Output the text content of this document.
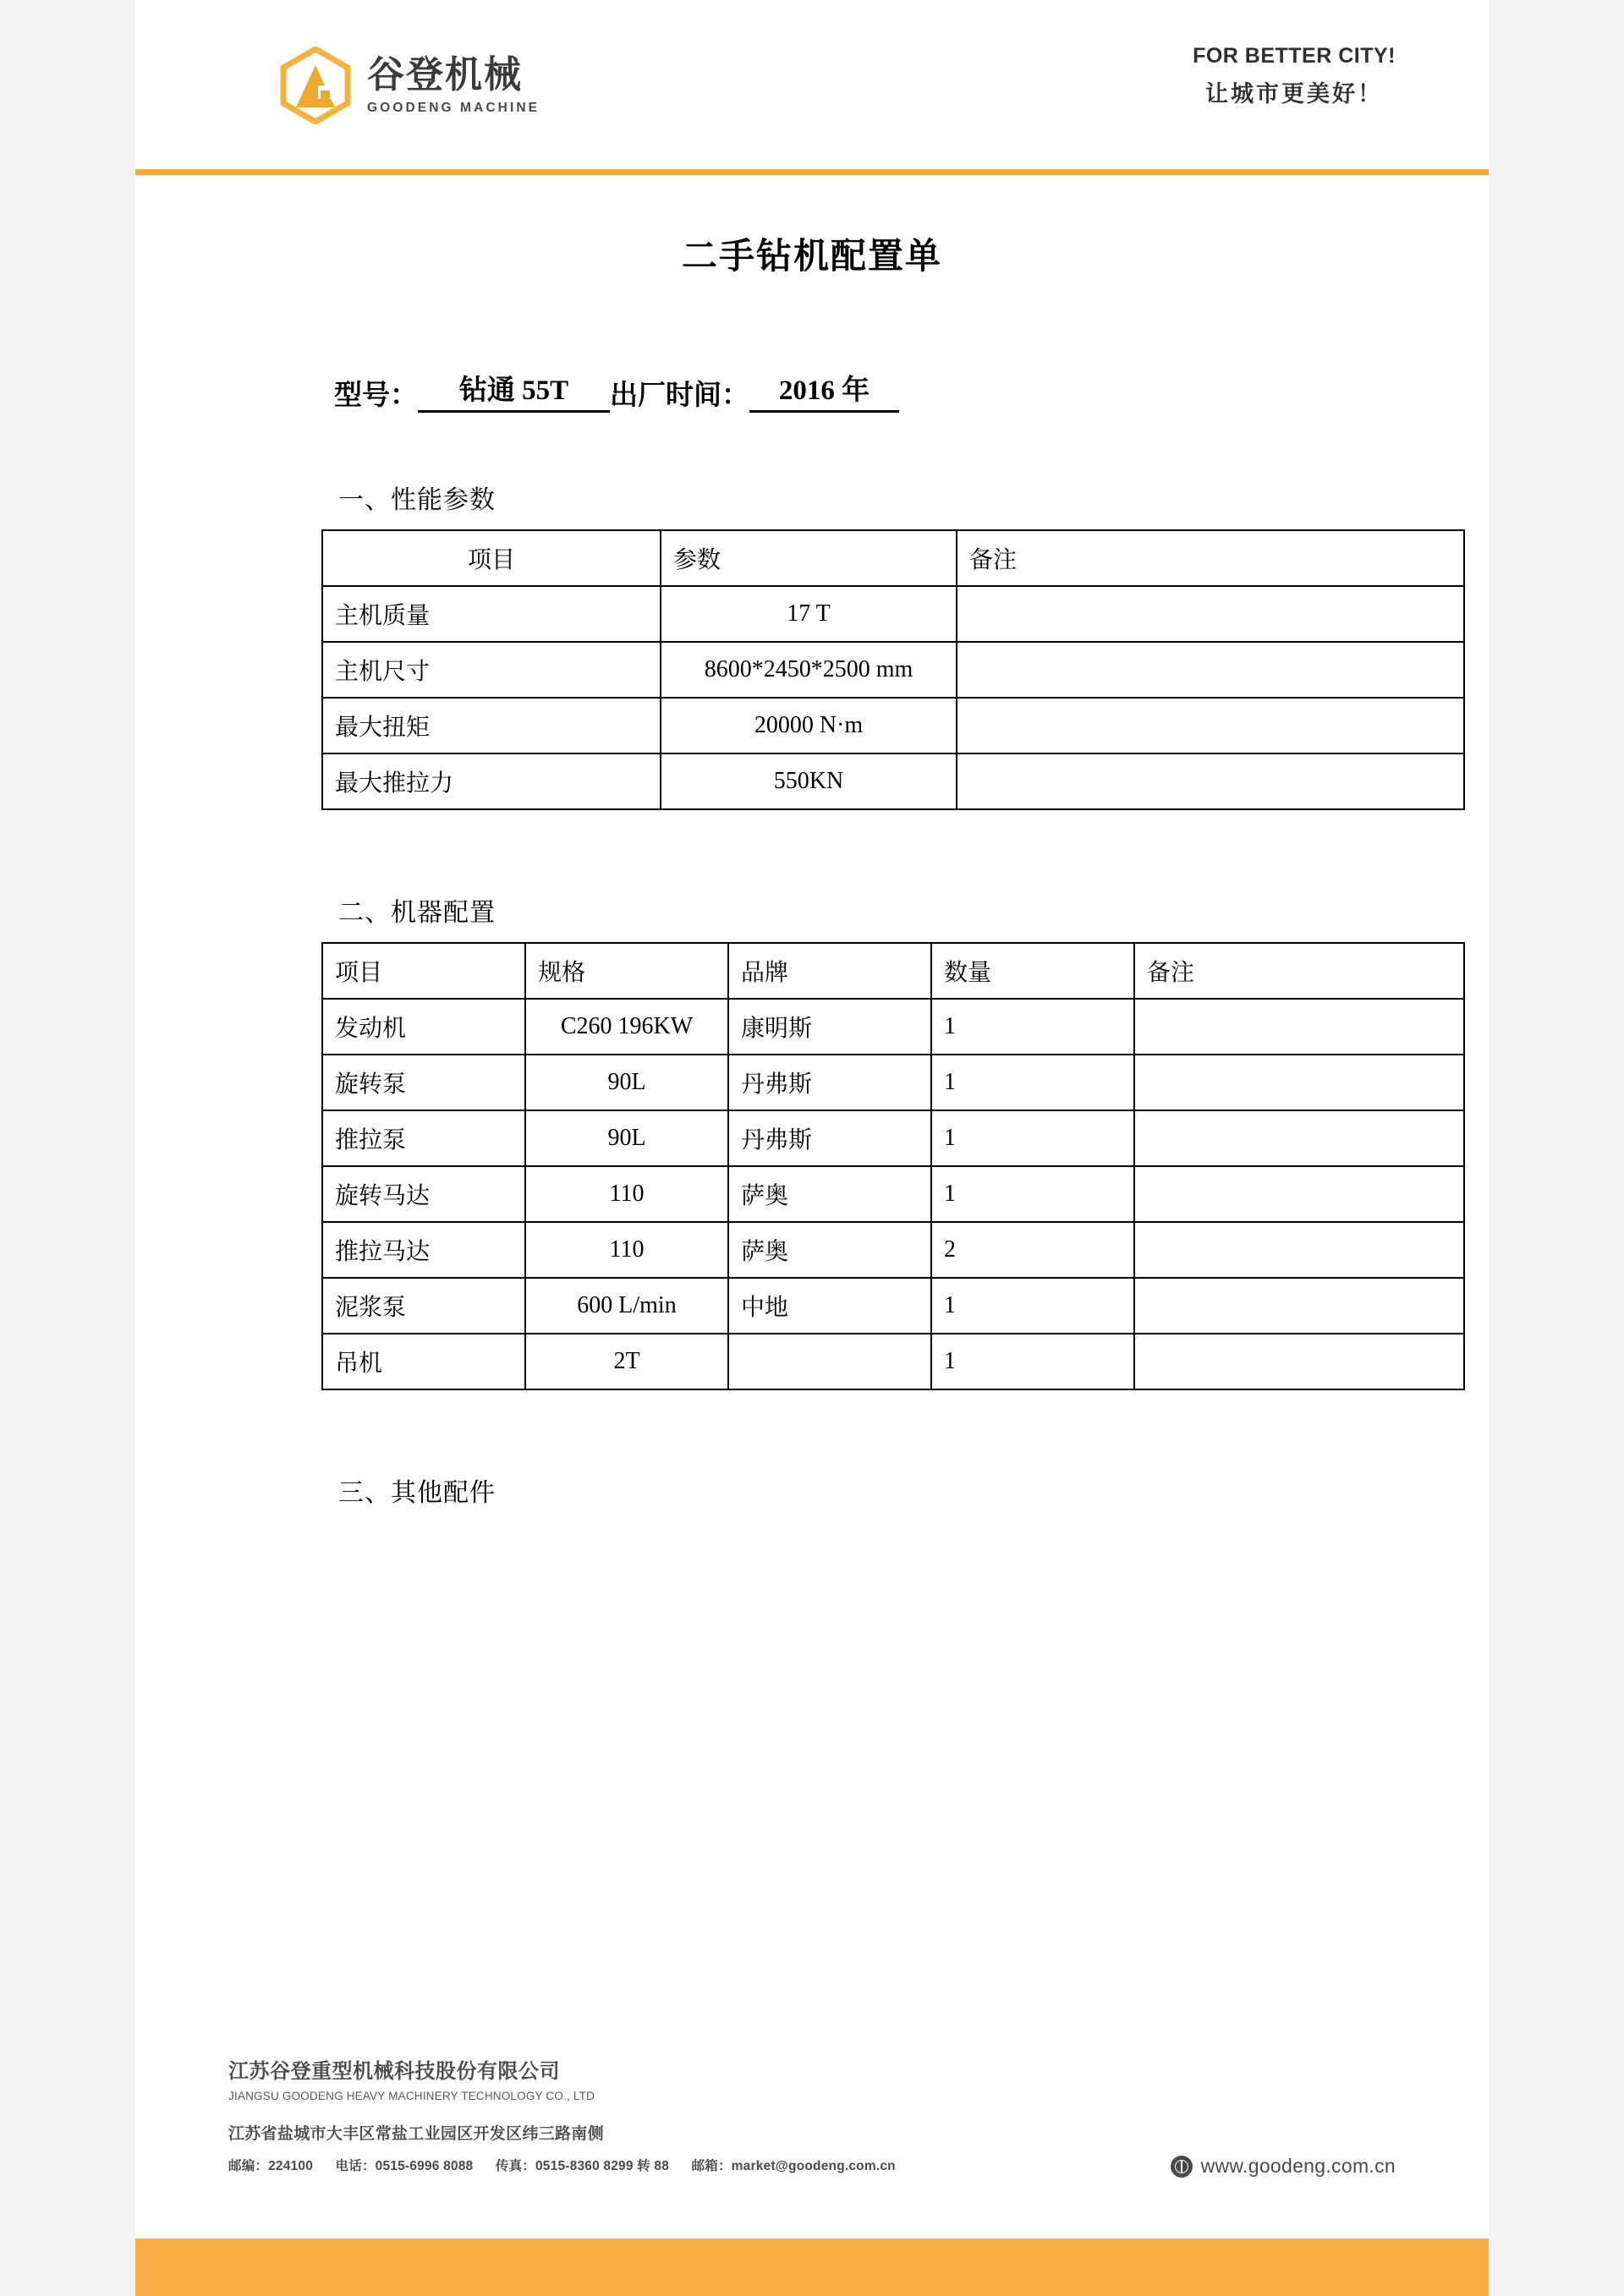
谷登机械
GOODENG MACHINE
FOR BETTER CITY!
让城市更美好！
二手钻机配置单
型号：	钻通 55T	出厂时间：	2016 年
一、性能参数
项目	参数	备注
主机质量	17 T	
主机尺寸	8600*2450*2500 mm	
最大扭矩	20000 N·m	
最大推拉力	550KN	
二、机器配置
项目	规格	品牌	数量	备注
发动机	C260 196KW	康明斯	1	
旋转泵	90L	丹弗斯	1	
推拉泵	90L	丹弗斯	1	
旋转马达	110	萨奥	1	
推拉马达	110	萨奥	2	
泥浆泵	600 L/min	中地	1	
吊机	2T		1	
三、其他配件
江苏谷登重型机械科技股份有限公司
JIANGSU GOODENG HEAVY MACHINERY TECHNOLOGY CO., LTD
江苏省盐城市大丰区常盐工业园区开发区纬三路南侧
邮编：224100 电话：0515-6996 8088 传真：0515-8360 8299 转 88 邮箱：market@goodeng.com.cn	www.goodeng.com.cn
